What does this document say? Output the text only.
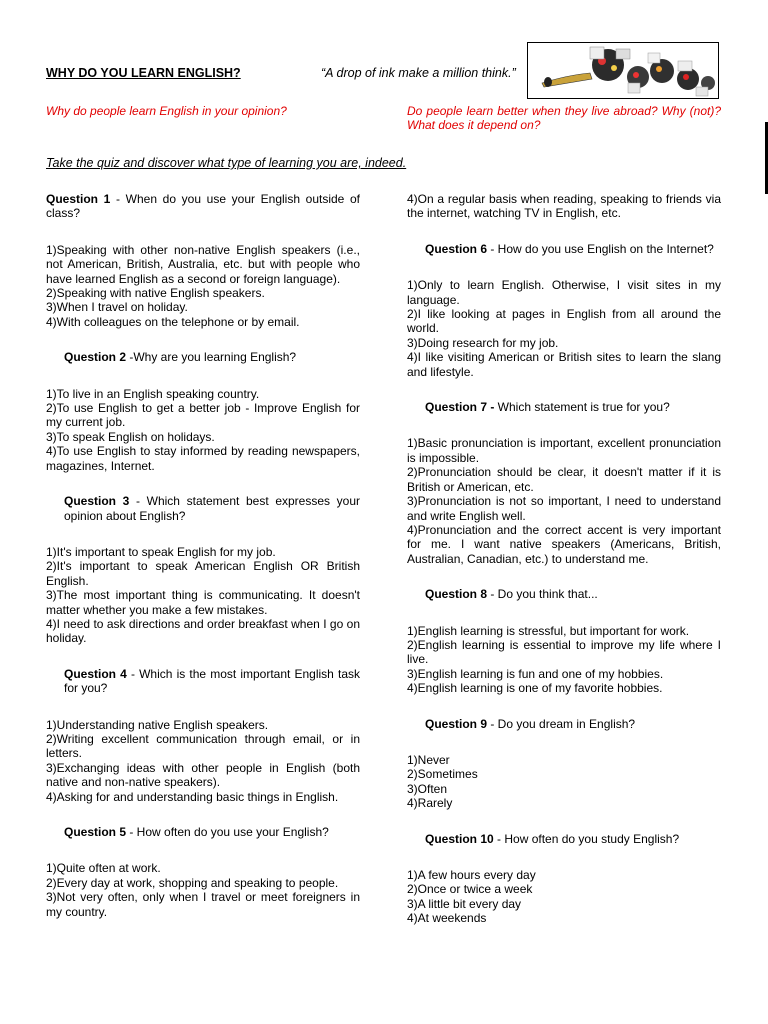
WHY DO YOU LEARN ENGLISH?	“A drop of ink make a million think.”
Why do people learn English in your opinion?	Do people learn better when they live abroad? Why (not)? What does it depend on?
Take the quiz and discover what type of learning you are, indeed.
Question 1 - When do you use your English outside of class?
1)Speaking with other non-native English speakers (i.e., not American, British, Australia, etc. but with people who have learned English as a second or foreign language).
2)Speaking with native English speakers.
3)When I travel on holiday.
4)With colleagues on the telephone or by email.
Question 2 -Why are you learning English?
1)To live in an English speaking country.
2)To use English to get a better job - Improve English for my current job.
3)To speak English on holidays.
4)To use English to stay informed by reading newspapers, magazines, Internet.
Question 3 - Which statement best expresses your opinion about English?
1)It's important to speak English for my job.
2)It's important to speak American English OR British English.
3)The most important thing is communicating. It doesn't matter whether you make a few mistakes.
4)I need to ask directions and order breakfast when I go on holiday.
Question 4 - Which is the most important English task for you?
1)Understanding native English speakers.
2)Writing excellent communication through email, or in letters.
3)Exchanging ideas with other people in English (both native and non-native speakers).
4)Asking for and understanding basic things in English.
Question 5 - How often do you use your English?
1)Quite often at work.
2)Every day at work, shopping and speaking to people.
3)Not very often, only when I travel or meet foreigners in my country.
4)On a regular basis when reading, speaking to friends via the internet, watching TV in English, etc.
Question 6 - How do you use English on the Internet?
1)Only to learn English. Otherwise, I visit sites in my language.
2)I like looking at pages in English from all around the world.
3)Doing research for my job.
4)I like visiting American or British sites to learn the slang and lifestyle.
Question 7 - Which statement is true for you?
1)Basic pronunciation is important, excellent pronunciation is impossible.
2)Pronunciation should be clear, it doesn't matter if it is British or American, etc.
3)Pronunciation is not so important, I need to understand and write English well.
4)Pronunciation and the correct accent is very important for me. I want native speakers (Americans, British, Australian, Canadian, etc.) to understand me.
Question 8 - Do you think that...
1)English learning is stressful, but important for work.
2)English learning is essential to improve my life where I live.
3)English learning is fun and one of my hobbies.
4)English learning is one of my favorite hobbies.
Question 9 - Do you dream in English?
1)Never
2)Sometimes
3)Often
4)Rarely
Question 10 - How often do you study English?
1)A few hours every day
2)Once or twice a week
3)A little bit every day
4)At weekends
